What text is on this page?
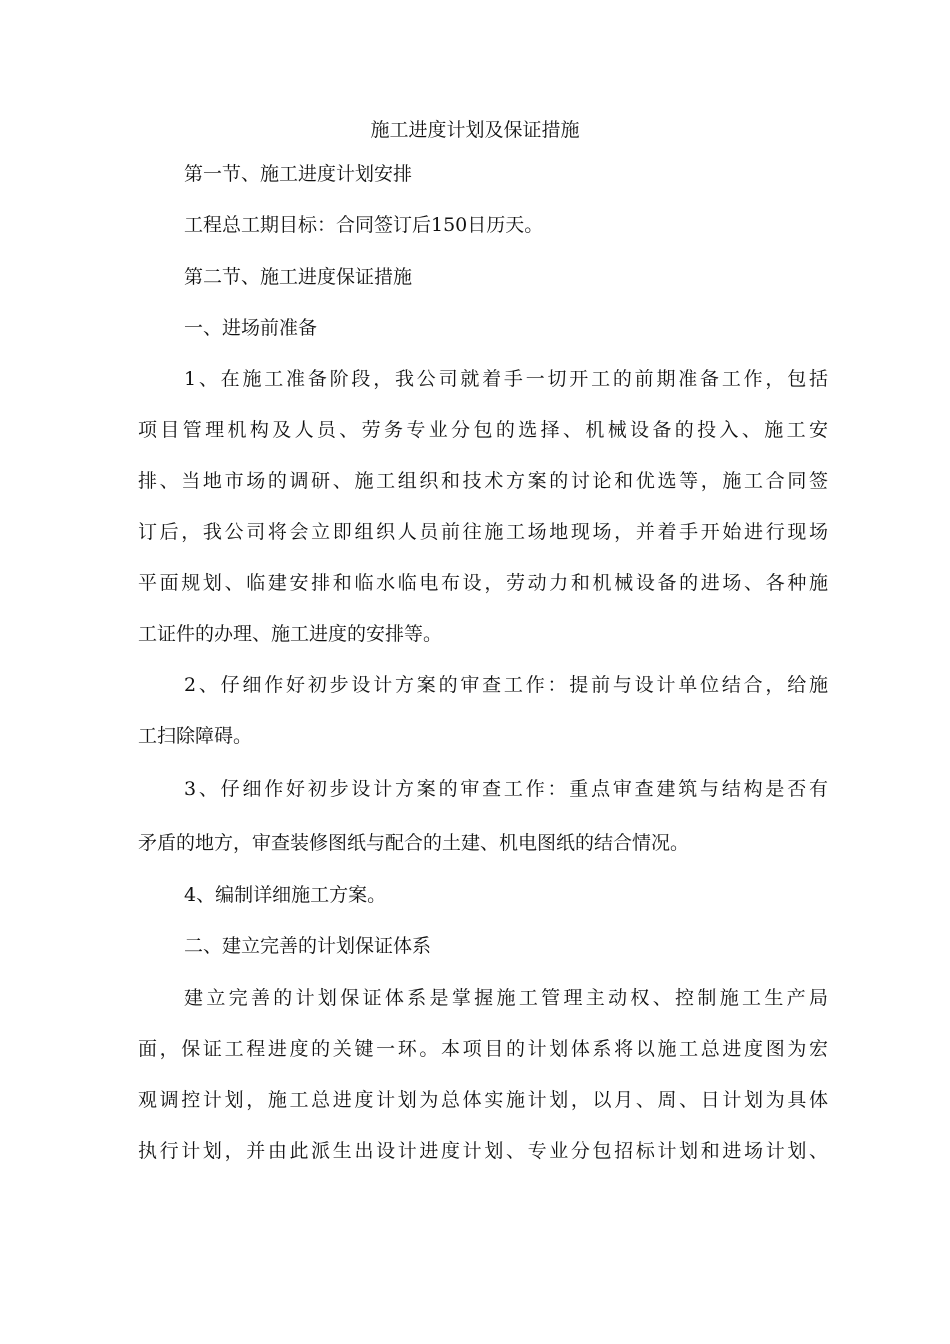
施工进度计划及保证措施
第一节、施工进度计划安排
工程总工期目标：合同签订后150日历天。
第二节、施工进度保证措施
一、进场前准备
1、在施工准备阶段，我公司就着手一切开工的前期准备工作，包括
项目管理机构及人员、劳务专业分包的选择、机械设备的投入、施工安
排、当地市场的调研、施工组织和技术方案的讨论和优选等，施工合同签
订后，我公司将会立即组织人员前往施工场地现场，并着手开始进行现场
平面规划、临建安排和临水临电布设，劳动力和机械设备的进场、各种施
工证件的办理、施工进度的安排等。
2、仔细作好初步设计方案的审查工作：提前与设计单位结合，给施
工扫除障碍。
3、仔细作好初步设计方案的审查工作：重点审查建筑与结构是否有
矛盾的地方，审查装修图纸与配合的土建、机电图纸的结合情况。
4、编制详细施工方案。
二、建立完善的计划保证体系
建立完善的计划保证体系是掌握施工管理主动权、控制施工生产局
面，保证工程进度的关键一环。本项目的计划体系将以施工总进度图为宏
观调控计划，施工总进度计划为总体实施计划，以月、周、日计划为具体
执行计划，并由此派生出设计进度计划、专业分包招标计划和进场计划、
